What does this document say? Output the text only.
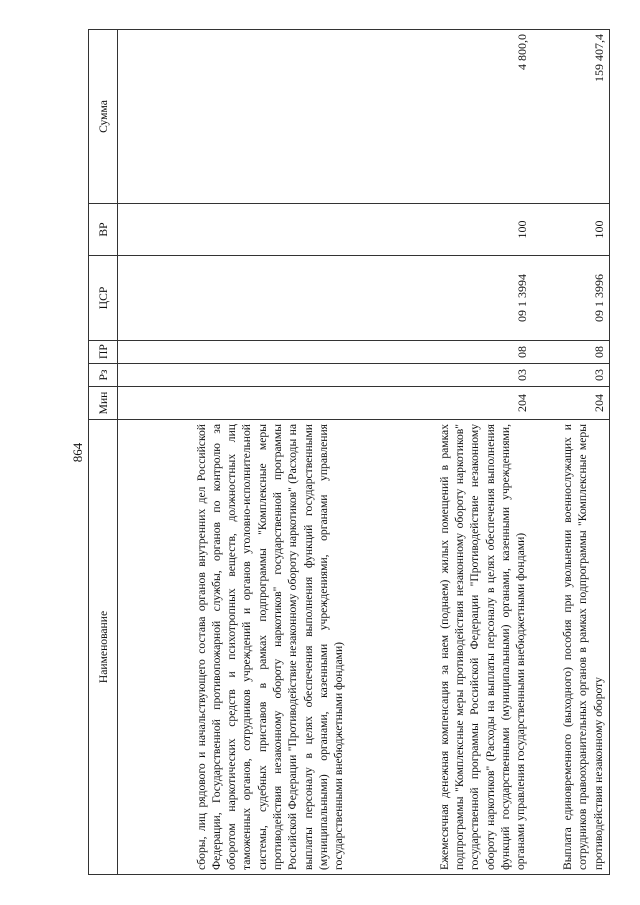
864
Наименование	Мин	Рз	ПР	ЦСР	ВР	Сумма
сборы, лиц рядового и начальствующего состава органов внутренних дел Российской Федерации, Государственной противопожарной службы, органов по контролю за оборотом наркотических средств и психотропных веществ, должностных лиц таможенных органов, сотрудников учреждений и органов уголовно-исполнительной системы, судебных приставов в рамках подпрограммы "Комплексные меры противодействия незаконному обороту наркотиков" государственной программы Российской Федерации "Противодействие незаконному обороту наркотиков" (Расходы на выплаты персоналу в целях обеспечения выполнения функций государственными (муниципальными) органами, казенными учреждениями, органами управления государственными внебюджетными фондами)						
Ежемесячная денежная компенсация за наем (поднаем) жилых помещений в рамках подпрограммы "Комплексные меры противодействия незаконному обороту наркотиков" государственной программы Российской Федерации "Противодействие незаконному обороту наркотиков" (Расходы на выплаты персоналу в целях обеспечения выполнения функций государственными (муниципальными) органами, казенными учреждениями, органами управления государственными внебюджетными фондами)	204	03	08	09 1 3994	100	4 800,0
Выплата единовременного (выходного) пособия при увольнении военнослужащих и сотрудников правоохранительных органов в рамках подпрограммы "Комплексные меры противодействия незаконному обороту	204	03	08	09 1 3996	100	159 407,4
